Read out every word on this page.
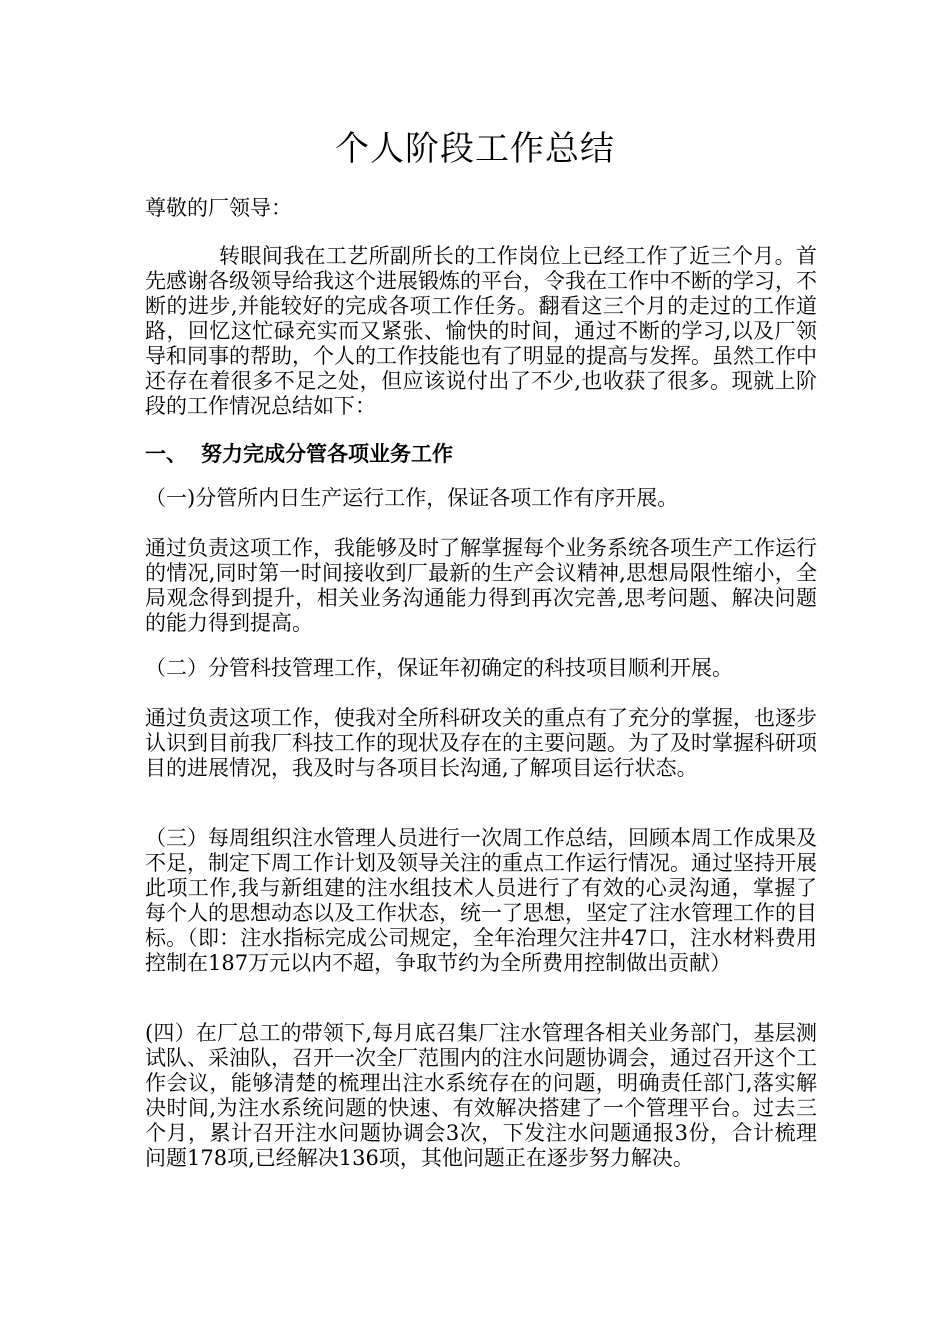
个人阶段工作总结

尊敬的厂领导：

转眼间我在工艺所副所长的工作岗位上已经工作了近三个月。首先感谢各级领导给我这个进展锻炼的平台，令我在工作中不断的学习，不断的进步,并能较好的完成各项工作任务。翻看这三个月的走过的工作道路，回忆这忙碌充实而又紧张、愉快的时间，通过不断的学习,以及厂领导和同事的帮助，个人的工作技能也有了明显的提高与发挥。虽然工作中还存在着很多不足之处，但应该说付出了不少,也收获了很多。现就上阶段的工作情况总结如下：

一、 努力完成分管各项业务工作

（一)分管所内日生产运行工作，保证各项工作有序开展。

通过负责这项工作，我能够及时了解掌握每个业务系统各项生产工作运行的情况,同时第一时间接收到厂最新的生产会议精神,思想局限性缩小，全局观念得到提升，相关业务沟通能力得到再次完善,思考问题、解决问题的能力得到提高。

（二）分管科技管理工作，保证年初确定的科技项目顺利开展。

通过负责这项工作，使我对全所科研攻关的重点有了充分的掌握，也逐步认识到目前我厂科技工作的现状及存在的主要问题。为了及时掌握科研项目的进展情况，我及时与各项目长沟通,了解项目运行状态。

（三）每周组织注水管理人员进行一次周工作总结，回顾本周工作成果及不足，制定下周工作计划及领导关注的重点工作运行情况。通过坚持开展此项工作,我与新组建的注水组技术人员进行了有效的心灵沟通，掌握了每个人的思想动态以及工作状态，统一了思想，坚定了注水管理工作的目标。（即：注水指标完成公司规定，全年治理欠注井47口，注水材料费用控制在187万元以内不超，争取节约为全所费用控制做出贡献）

(四）在厂总工的带领下,每月底召集厂注水管理各相关业务部门，基层测试队、采油队，召开一次全厂范围内的注水问题协调会，通过召开这个工作会议，能够清楚的梳理出注水系统存在的问题，明确责任部门,落实解决时间,为注水系统问题的快速、有效解决搭建了一个管理平台。过去三个月，累计召开注水问题协调会3次，下发注水问题通报3份，合计梳理问题178项,已经解决136项，其他问题正在逐步努力解决。
